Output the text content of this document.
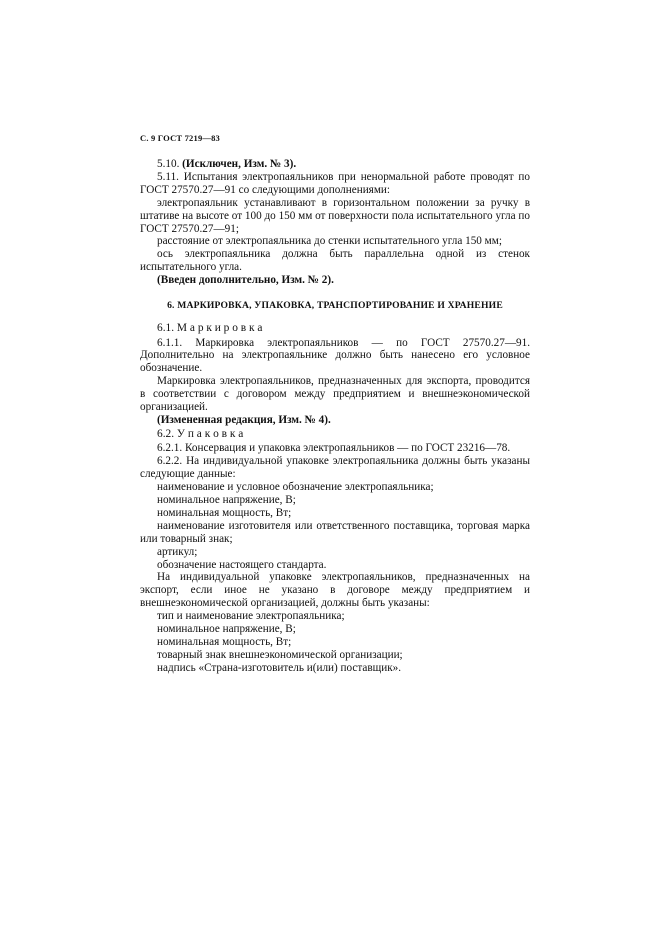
С. 9 ГОСТ 7219—83

5.10. (Исключен, Изм. № 3).

5.11. Испытания электропаяльников при ненормальной работе проводят по ГОСТ 27570.27—91 со следующими дополнениями:

электропаяльник устанавливают в горизонтальном положении за ручку в штативе на высоте от 100 до 150 мм от поверхности пола испытательного угла по ГОСТ 27570.27—91;

расстояние от электропаяльника до стенки испытательного угла 150 мм;

ось электропаяльника должна быть параллельна одной из стенок испытательного угла.

(Введен дополнительно, Изм. № 2).

6. МАРКИРОВКА, УПАКОВКА, ТРАНСПОРТИРОВАНИЕ И ХРАНЕНИЕ

6.1. М а р к и р о в к а

6.1.1. Маркировка электропаяльников — по ГОСТ 27570.27—91. Дополнительно на электропаяльнике должно быть нанесено его условное обозначение.

Маркировка электропаяльников, предназначенных для экспорта, проводится в соответствии с договором между предприятием и внешнеэкономической организацией.

(Измененная редакция, Изм. № 4).

6.2. У п а к о в к а

6.2.1. Консервация и упаковка электропаяльников — по ГОСТ 23216—78.

6.2.2. На индивидуальной упаковке электропаяльника должны быть указаны следующие данные:

наименование и условное обозначение электропаяльника;

номинальное напряжение, В;

номинальная мощность, Вт;

наименование изготовителя или ответственного поставщика, торговая марка или товарный знак;

артикул;

обозначение настоящего стандарта.

На индивидуальной упаковке электропаяльников, предназначенных на экспорт, если иное не указано в договоре между предприятием и внешнеэкономической организацией, должны быть указаны:

тип и наименование электропаяльника;

номинальное напряжение, В;

номинальная мощность, Вт;

товарный знак внешнеэкономической организации;

надпись «Страна-изготовитель и(или) поставщик».
